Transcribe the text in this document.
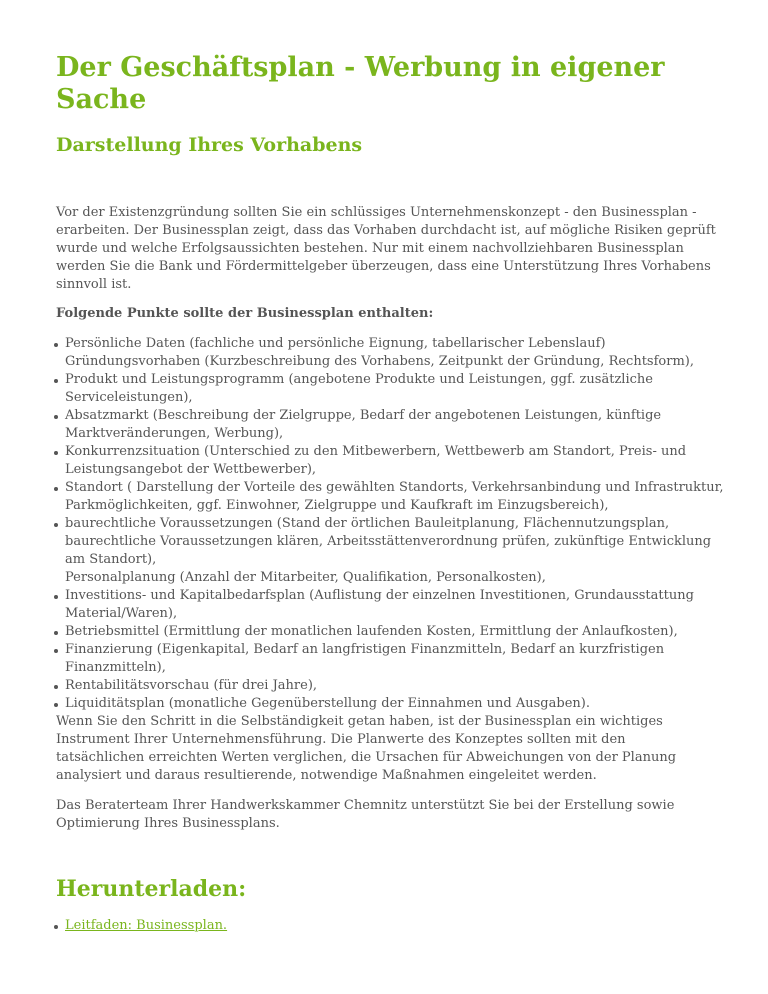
Der Geschäftsplan - Werbung in eigener Sache
Darstellung Ihres Vorhabens

Vor der Existenzgründung sollten Sie ein schlüssiges Unternehmenskonzept - den Businessplan - erarbeiten. Der Businessplan zeigt, dass das Vorhaben durchdacht ist, auf mögliche Risiken geprüft wurde und welche Erfolgsaussichten bestehen. Nur mit einem nachvollziehbaren Businessplan werden Sie die Bank und Fördermittelgeber überzeugen, dass eine Unterstützung Ihres Vorhabens sinnvoll ist.

Folgende Punkte sollte der Businessplan enthalten:

Persönliche Daten (fachliche und persönliche Eignung, tabellarischer Lebenslauf)
Gründungsvorhaben (Kurzbeschreibung des Vorhabens, Zeitpunkt der Gründung, Rechtsform),
Produkt und Leistungsprogramm (angebotene Produkte und Leistungen, ggf. zusätzliche Serviceleistungen),
Absatzmarkt (Beschreibung der Zielgruppe, Bedarf der angebotenen Leistungen, künftige Marktveränderungen, Werbung),
Konkurrenzsituation (Unterschied zu den Mitbewerbern, Wettbewerb am Standort, Preis- und Leistungsangebot der Wettbewerber),
Standort ( Darstellung der Vorteile des gewählten Standorts, Verkehrsanbindung und Infrastruktur, Parkmöglichkeiten, ggf. Einwohner, Zielgruppe und Kaufkraft im Einzugsbereich),
baurechtliche Voraussetzungen (Stand der örtlichen Bauleitplanung, Flächennutzungsplan, baurechtliche Voraussetzungen klären, Arbeitsstättenverordnung prüfen, zukünftige Entwicklung am Standort),
Personalplanung (Anzahl der Mitarbeiter, Qualifikation, Personalkosten),
Investitions- und Kapitalbedarfsplan (Auflistung der einzelnen Investitionen, Grundausstattung Material/Waren),
Betriebsmittel (Ermittlung der monatlichen laufenden Kosten, Ermittlung der Anlaufkosten),
Finanzierung (Eigenkapital, Bedarf an langfristigen Finanzmitteln, Bedarf an kurzfristigen Finanzmitteln),
Rentabilitätsvorschau (für drei Jahre),
Liquiditätsplan (monatliche Gegenüberstellung der Einnahmen und Ausgaben).

Wenn Sie den Schritt in die Selbständigkeit getan haben, ist der Businessplan ein wichtiges Instrument Ihrer Unternehmensführung. Die Planwerte des Konzeptes sollten mit den tatsächlichen erreichten Werten verglichen, die Ursachen für Abweichungen von der Planung analysiert und daraus resultierende, notwendige Maßnahmen eingeleitet werden.

Das Beraterteam Ihrer Handwerkskammer Chemnitz unterstützt Sie bei der Erstellung sowie Optimierung Ihres Businessplans.

Herunterladen:
Leitfaden: Businessplan.
